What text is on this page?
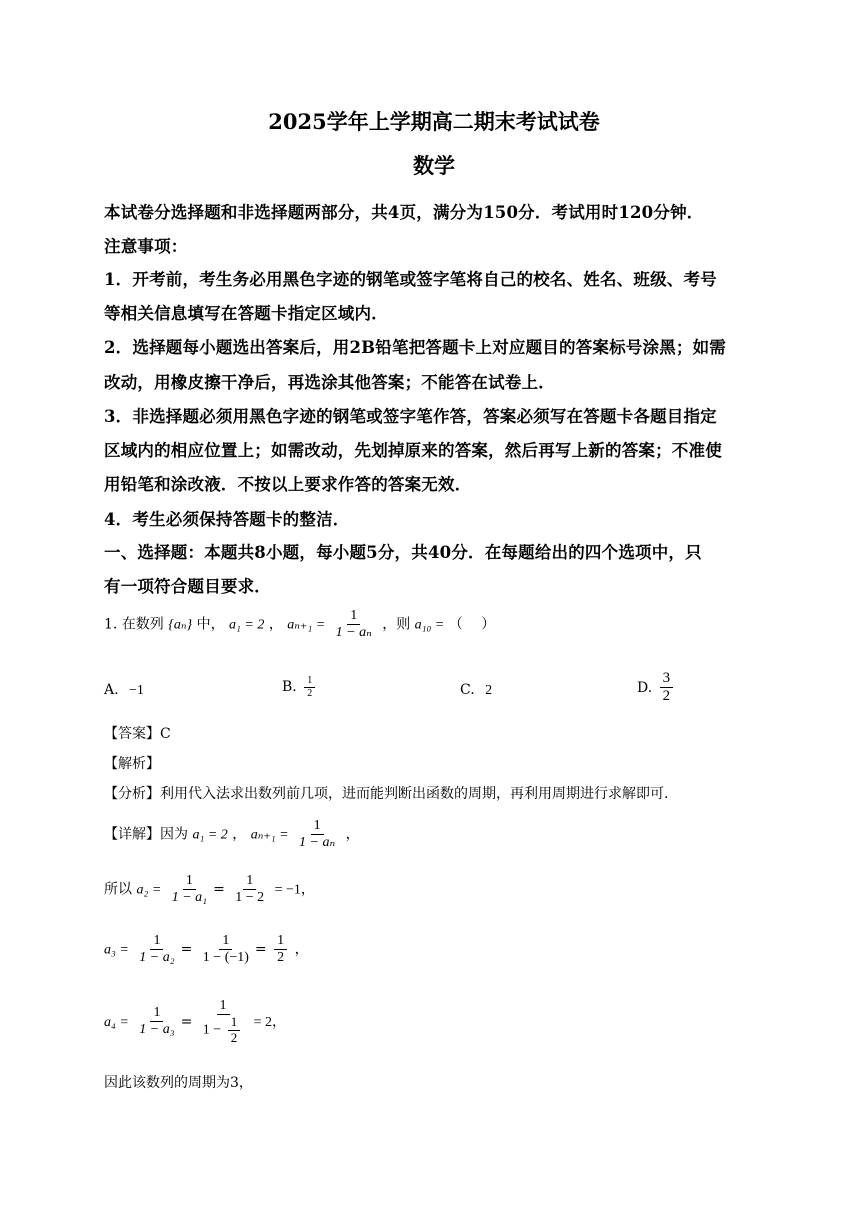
2025学年上学期高二期末考试试卷
数学
本试卷分选择题和非选择题两部分，共4页，满分为150分．考试用时120分钟．
注意事项：
1．开考前，考生务必用黑色字迹的钢笔或签字笔将自己的校名、姓名、班级、考号
等相关信息填写在答题卡指定区域内．
2．选择题每小题选出答案后，用2B铅笔把答题卡上对应题目的答案标号涂黑；如需
改动，用橡皮擦干净后，再选涂其他答案；不能答在试卷上．
3．非选择题必须用黑色字迹的钢笔或签字笔作答，答案必须写在答题卡各题目指定
区域内的相应位置上；如需改动，先划掉原来的答案，然后再写上新的答案；不准使
用铅笔和涂改液．不按以上要求作答的答案无效．
4．考生必须保持答题卡的整洁．
一、选择题：本题共8小题，每小题5分，共40分．在每题给出的四个选项中，只
有一项符合题目要求．
1. 在数列 {aₙ} 中， a₁ = 2 ， $a_{n+1} = \frac{1}{\text{1 − aₙ}}$ ，则 a₁₀ = （　 ）
A. −1	B. $\frac{1}{2}$	C. 2	D. $\frac{3}{2}$
【答案】C
【解析】
【分析】利用代入法求出数列前几项，进而能判断出函数的周期，再利用周期进行求解即可.
【详解】因为 a₁ = 2 ， $a_{n+1} = \frac{1}{\text{1 − aₙ}}$ ，
所以 $a_2 = \frac{1}{\text{1 − a₁}} = \frac{1}{1 - 2} = -1$，
$a_3 = \frac{1}{\text{1 − a₂}} = \frac{1}{1 - (-1)} = \frac{1}{2}$ ，
$a_4 = \frac{1}{\text{1 − a₃}} = \frac{1}{1 - \frac{1}{2}} = 2$，
因此该数列的周期为3，
